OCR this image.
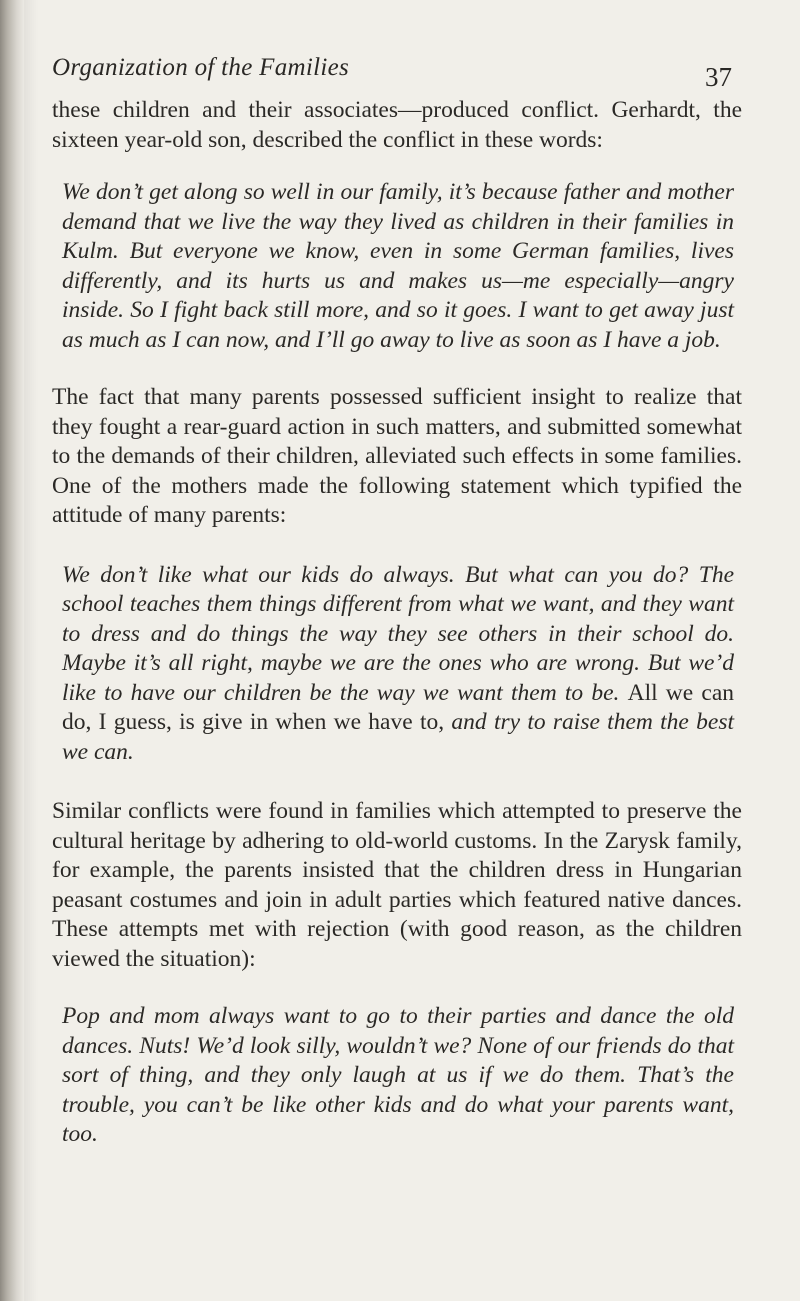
Organization of the Families	37

these children and their associates—produced conflict. Gerhardt, the sixteen year-old son, described the conflict in these words:

We don’t get along so well in our family, it’s because father and mother demand that we live the way they lived as children in their families in Kulm. But everyone we know, even in some German families, lives differently, and its hurts us and makes us—me especially—angry inside. So I fight back still more, and so it goes. I want to get away just as much as I can now, and I’ll go away to live as soon as I have a job.

The fact that many parents possessed sufficient insight to realize that they fought a rear-guard action in such matters, and submitted somewhat to the demands of their children, alleviated such effects in some families. One of the mothers made the following statement which typified the attitude of many parents:

We don’t like what our kids do always. But what can you do? The school teaches them things different from what we want, and they want to dress and do things the way they see others in their school do. Maybe it’s all right, maybe we are the ones who are wrong. But we’d like to have our children be the way we want them to be. All we can do, I guess, is give in when we have to, and try to raise them the best we can.

Similar conflicts were found in families which attempted to preserve the cultural heritage by adhering to old-world customs. In the Zarysk family, for example, the parents insisted that the children dress in Hungarian peasant costumes and join in adult parties which featured native dances. These attempts met with rejection (with good reason, as the children viewed the situation):

Pop and mom always want to go to their parties and dance the old dances. Nuts! We’d look silly, wouldn’t we? None of our friends do that sort of thing, and they only laugh at us if we do them. That’s the trouble, you can’t be like other kids and do what your parents want, too.
